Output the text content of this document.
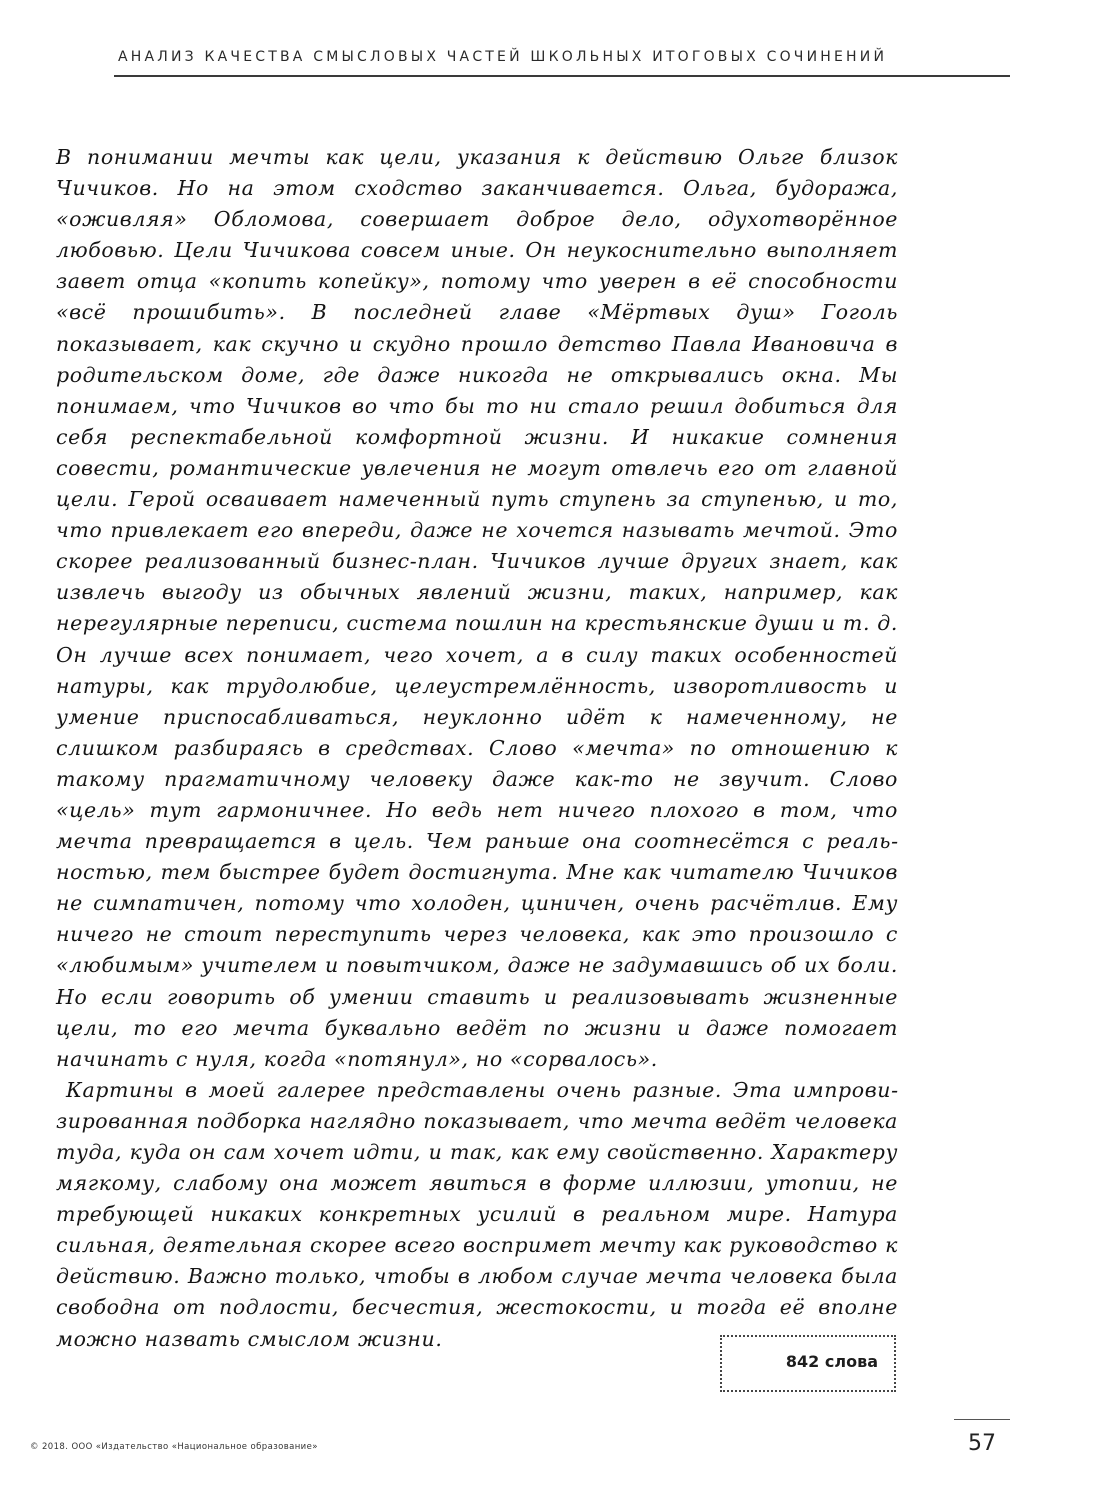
АНАЛИЗ КАЧЕСТВА СМЫСЛОВЫХ ЧАСТЕЙ ШКОЛЬНЫХ ИТОГОВЫХ СОЧИНЕНИЙ

В понимании мечты как цели, указания к действию Ольге близок Чичиков. Но на этом сходство заканчивается. Ольга, будоража, «оживляя» Обломова, совершает доброе дело, одухотворённое любовью. Цели Чичикова совсем иные. Он неукоснительно выполняет завет отца «копить копейку», потому что уверен в её способности «всё прошибить». В последней главе «Мёртвых душ» Гоголь показывает, как скучно и скудно прошло детство Павла Ивановича в родительском доме, где даже никогда не открывались окна. Мы понимаем, что Чичиков во что бы то ни стало решил добиться для себя респектабельной комфортной жизни. И никакие сомнения совести, романтические увлечения не могут отвлечь его от главной цели. Герой осваивает намеченный путь ступень за ступенью, и то, что привлекает его впереди, даже не хочется называть мечтой. Это скорее реализованный бизнес-план. Чичиков лучше других знает, как извлечь выгоду из обычных явлений жизни, таких, например, как нерегулярные переписи, система пошлин на крестьянские души и т. д. Он лучше всех понимает, чего хочет, а в силу таких особенностей натуры, как трудолюбие, целеустремлённость, изворотливость и умение приспосабливаться, неуклонно идёт к намеченному, не слишком разбираясь в средствах. Слово «мечта» по отношению к такому прагматичному человеку даже как-то не звучит. Слово «цель» тут гармоничнее. Но ведь нет ничего плохого в том, что мечта превращается в цель. Чем раньше она соотнесётся с реальностью, тем быстрее будет достигнута. Мне как читателю Чичиков не симпатичен, потому что холоден, циничен, очень расчётлив. Ему ничего не стоит переступить через человека, как это произошло с «любимым» учителем и повытчиком, даже не задумавшись об их боли. Но если говорить об умении ставить и реализовывать жизненные цели, то его мечта буквально ведёт по жизни и даже помогает начинать с нуля, когда «потянул», но «сорвалось».

Картины в моей галерее представлены очень разные. Эта импровизированная подборка наглядно показывает, что мечта ведёт человека туда, куда он сам хочет идти, и так, как ему свойственно. Характеру мягкому, слабому она может явиться в форме иллюзии, утопии, не требующей никаких конкретных усилий в реальном мире. Натура сильная, деятельная скорее всего воспримет мечту как руководство к действию. Важно только, чтобы в любом случае мечта человека была свободна от подлости, бесчестия, жестокости, и тогда её вполне можно назвать смыслом жизни.

842 слова
© 2018. ООО «Издательство «Национальное образование»	57
